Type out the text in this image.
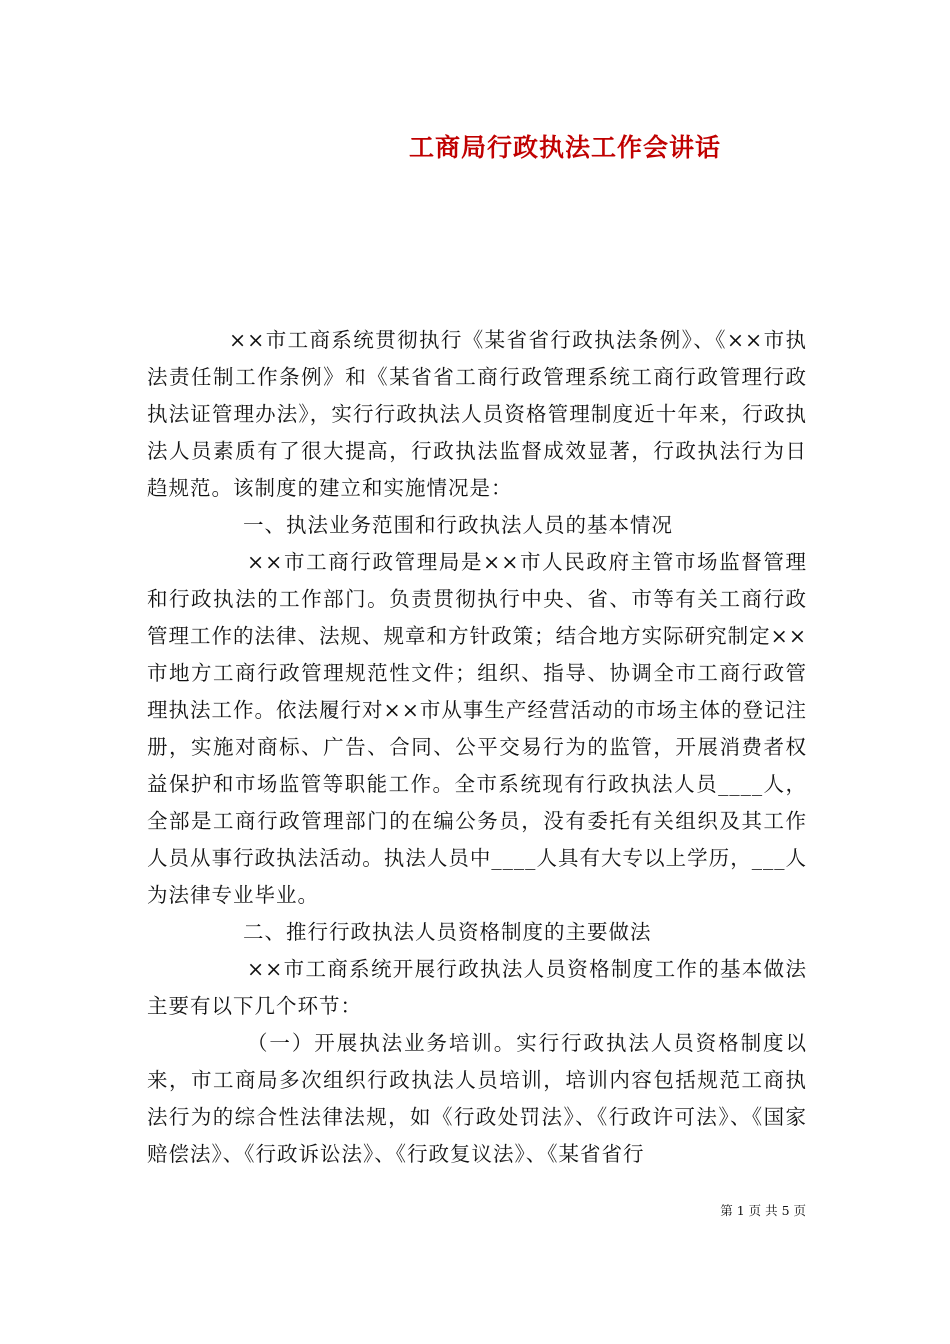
工商局行政执法工作会讲话

××市工商系统贯彻执行《某省省行政执法条例》、《××市执法责任制工作条例》和《某省省工商行政管理系统工商行政管理行政执法证管理办法》，实行行政执法人员资格管理制度近十年来，行政执法人员素质有了很大提高，行政执法监督成效显著，行政执法行为日趋规范。该制度的建立和实施情况是：

一、执法业务范围和行政执法人员的基本情况

××市工商行政管理局是××市人民政府主管市场监督管理和行政执法的工作部门。负责贯彻执行中央、省、市等有关工商行政管理工作的法律、法规、规章和方针政策；结合地方实际研究制定××市地方工商行政管理规范性文件；组织、指导、协调全市工商行政管理执法工作。依法履行对××市从事生产经营活动的市场主体的登记注册，实施对商标、广告、合同、公平交易行为的监管，开展消费者权益保护和市场监管等职能工作。全市系统现有行政执法人员____人，全部是工商行政管理部门的在编公务员，没有委托有关组织及其工作人员从事行政执法活动。执法人员中____人具有大专以上学历，___人为法律专业毕业。

二、推行行政执法人员资格制度的主要做法

××市工商系统开展行政执法人员资格制度工作的基本做法主要有以下几个环节：

（一）开展执法业务培训。实行行政执法人员资格制度以来，市工商局多次组织行政执法人员培训，培训内容包括规范工商执法行为的综合性法律法规，如《行政处罚法》、《行政许可法》、《国家赔偿法》、《行政诉讼法》、《行政复议法》、《某省省行

第 1 页 共 5 页
